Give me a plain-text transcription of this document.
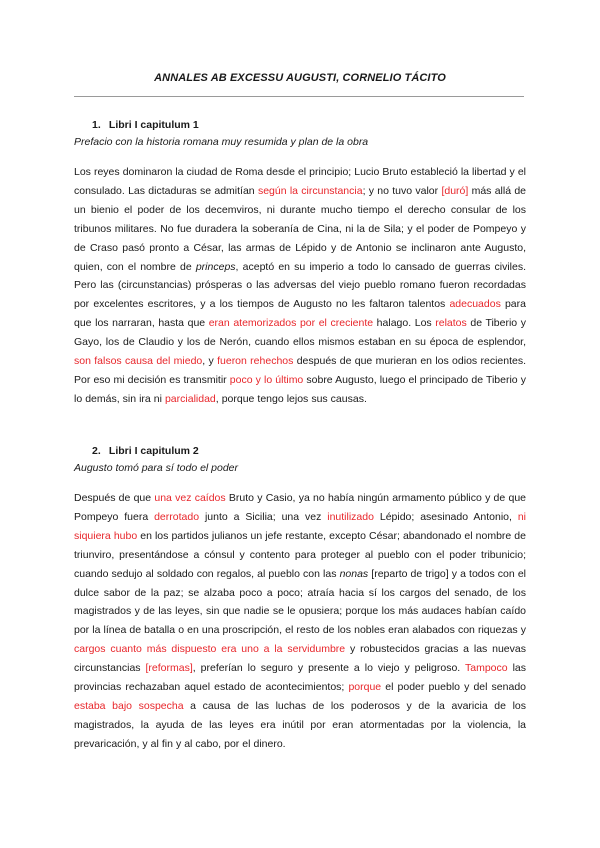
ANNALES AB EXCESSU AUGUSTI, CORNELIO TÁCITO

1. Libri I capitulum 1

Prefacio con la historia romana muy resumida y plan de la obra

Los reyes dominaron la ciudad de Roma desde el principio; Lucio Bruto estableció la libertad y el consulado. Las dictaduras se admitían según la circunstancia; y no tuvo valor [duró] más allá de un bienio el poder de los decemviros, ni durante mucho tiempo el derecho consular de los tribunos militares. No fue duradera la soberanía de Cina, ni la de Sila; y el poder de Pompeyo y de Craso pasó pronto a César, las armas de Lépido y de Antonio se inclinaron ante Augusto, quien, con el nombre de princeps, aceptó en su imperio a todo lo cansado de guerras civiles. Pero las (circunstancias) prósperas o las adversas del viejo pueblo romano fueron recordadas por excelentes escritores, y a los tiempos de Augusto no les faltaron talentos adecuados para que los narraran, hasta que eran atemorizados por el creciente halago. Los relatos de Tiberio y Gayo, los de Claudio y los de Nerón, cuando ellos mismos estaban en su época de esplendor, son falsos causa del miedo, y fueron rehechos después de que murieran en los odios recientes. Por eso mi decisión es transmitir poco y lo último sobre Augusto, luego el principado de Tiberio y lo demás, sin ira ni parcialidad, porque tengo lejos sus causas.

2. Libri I capitulum 2

Augusto tomó para sí todo el poder

Después de que una vez caídos Bruto y Casio, ya no había ningún armamento público y de que Pompeyo fuera derrotado junto a Sicilia; una vez inutilizado Lépido; asesinado Antonio, ni siquiera hubo en los partidos julianos un jefe restante, excepto César; abandonado el nombre de triunviro, presentándose a cónsul y contento para proteger al pueblo con el poder tribunicio; cuando sedujo al soldado con regalos, al pueblo con las nonas [reparto de trigo] y a todos con el dulce sabor de la paz; se alzaba poco a poco; atraía hacia sí los cargos del senado, de los magistrados y de las leyes, sin que nadie se le opusiera; porque los más audaces habían caído por la línea de batalla o en una proscripción, el resto de los nobles eran alabados con riquezas y cargos cuanto más dispuesto era uno a la servidumbre y robustecidos gracias a las nuevas circunstancias [reformas], preferían lo seguro y presente a lo viejo y peligroso. Tampoco las provincias rechazaban aquel estado de acontecimientos; porque el poder pueblo y del senado estaba bajo sospecha a causa de las luchas de los poderosos y de la avaricia de los magistrados, la ayuda de las leyes era inútil por eran atormentadas por la violencia, la prevaricación, y al fin y al cabo, por el dinero.
